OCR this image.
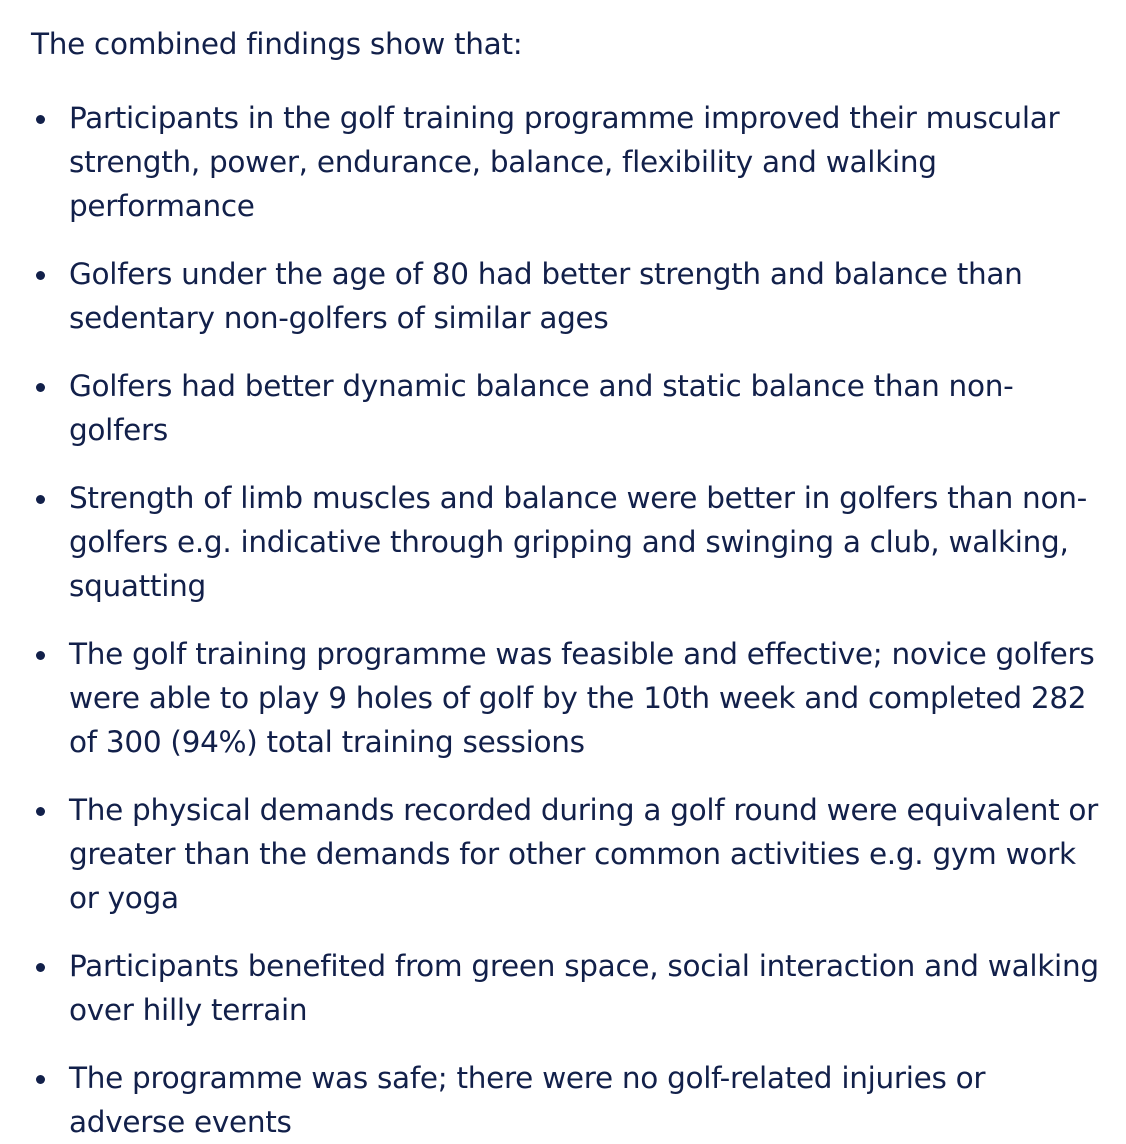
The combined findings show that:

Participants in the golf training programme improved their muscular strength, power, endurance, balance, flexibility and walking performance
Golfers under the age of 80 had better strength and balance than sedentary non-golfers of similar ages
Golfers had better dynamic balance and static balance than non-golfers
Strength of limb muscles and balance were better in golfers than non-golfers e.g. indicative through gripping and swinging a club, walking, squatting
The golf training programme was feasible and effective; novice golfers were able to play 9 holes of golf by the 10th week and completed 282 of 300 (94%) total training sessions
The physical demands recorded during a golf round were equivalent or greater than the demands for other common activities e.g. gym work or yoga
Participants benefited from green space, social interaction and walking over hilly terrain
The programme was safe; there were no golf-related injuries or adverse events
